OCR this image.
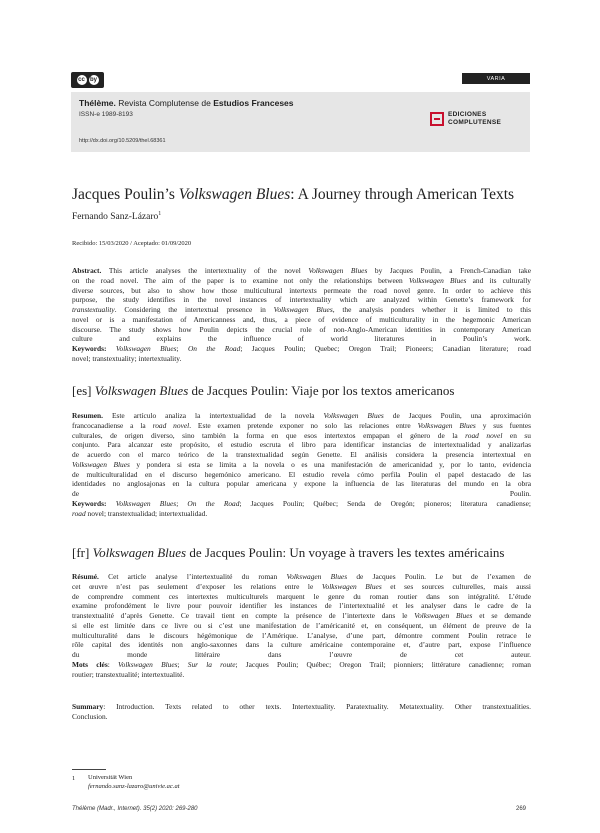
cc by	VARIA
Thélème. Revista Complutense de Estudios Franceses
ISSN-e 1989-8193
http://dx.doi.org/10.5209/thel.68361
EDICIONES
COMPLUTENSE
Jacques Poulin’s Volkswagen Blues: A Journey through American Texts
Fernando Sanz-Lázaro$^1$
Recibido: 15/03/2020 / Aceptado: 01/09/2020
Abstract. This article analyses the intertextuality of the novel Volkswagen Blues by Jacques Poulin, a French-Canadian take
on the road novel. The aim of the paper is to examine not only the relationships between Volkswagen Blues and its culturally
diverse sources, but also to show how those multicultural intertexts permeate the road novel genre. In order to achieve this
purpose, the study identifies in the novel instances of intertextuality which are analyzed within Genette’s framework for
transtextuality. Considering the intertextual presence in Volkswagen Blues, the analysis ponders whether it is limited to this
novel or is a manifestation of Americanness and, thus, a piece of evidence of multiculturality in the hegemonic American
discourse. The study shows how Poulin depicts the crucial role of non-Anglo-American identities in contemporary American
culture and explains the influence of world literatures in Poulin’s work.
Keywords: Volkswagen Blues; On the Road; Jacques Poulin; Quebec; Oregon Trail; Pioneers; Canadian literature; road
novel; transtextuality; intertextuality.
[es] Volkswagen Blues de Jacques Poulin: Viaje por los textos americanos
Resumen. Este artículo analiza la intertextualidad de la novela Volkswagen Blues de Jacques Poulin, una aproximación
francocanadiense a la road novel. Este examen pretende exponer no solo las relaciones entre Volkswagen Blues y sus fuentes
culturales, de origen diverso, sino también la forma en que esos intertextos empapan el género de la road novel en su
conjunto. Para alcanzar este propósito, el estudio escruta el libro para identificar instancias de intertextualidad y analizarlas
de acuerdo con el marco teórico de la transtextualidad según Genette. El análisis considera la presencia intertextual en
Volkswagen Blues y pondera si esta se limita a la novela o es una manifestación de americanidad y, por lo tanto, evidencia
de multiculturalidad en el discurso hegemónico americano. El estudio revela cómo perfila Poulin el papel destacado de las
identidades no anglosajonas en la cultura popular americana y expone la influencia de las literaturas del mundo en la obra
de Poulin.
Keywords: Volkswagen Blues; On the Road; Jacques Poulin; Québec; Senda de Oregón; pioneros; literatura canadiense;
road novel; transtextualidad; intertextualidad.
[fr] Volkswagen Blues de Jacques Poulin: Un voyage à travers les textes américains
Résumé. Cet article analyse l’intertextualité du roman Volkswagen Blues de Jacques Poulin. Le but de l’examen de
cet œuvre n’est pas seulement d’exposer les relations entre le Volkswagen Blues et ses sources culturelles, mais aussi
de comprendre comment ces intertextes multiculturels marquent le genre du roman routier dans son intégralité. L’étude
examine profondément le livre pour pouvoir identifier les instances de l’intertextualité et les analyser dans le cadre de la
transtextualité d’après Genette. Ce travail tient en compte la présence de l’intertexte dans le Volkswagen Blues et se demande
si elle est limitée dans ce livre ou si c’est une manifestation de l’américanité et, en conséquent, un élément de preuve de la
multiculturalité dans le discours hégémonique de l’Amérique. L’analyse, d’une part, démontre comment Poulin retrace le
rôle capital des identités non anglo-saxonnes dans la culture américaine contemporaine et, d’autre part, expose l’influence
du monde littéraire dans l’œuvre de cet auteur.
Mots clés: Volkswagen Blues; Sur la route; Jacques Poulin; Québec; Oregon Trail; pionniers; littérature canadienne; roman
routier; transtextualité; intertextualité.
Summary: Introduction. Texts related to other texts. Intertextuality. Paratextuality. Metatextuality. Other transtextualities.
Conclusion.
1 Universität Wien
fernando.sanz-lazaro@univie.ac.at
Thélème (Madr., Internet). 35(2) 2020: 269-280	269
